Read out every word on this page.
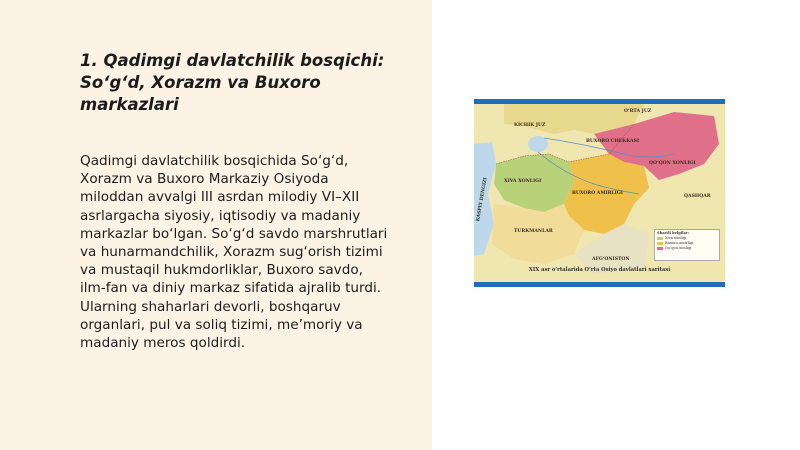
1. Qadimgi davlatchilik bosqichi:
So‘g‘d, Xorazm va Buxoro markazlari
Qadimgi davlatchilik bosqichida So‘g‘d,
Xorazm va Buxoro Markaziy Osiyoda
miloddan avvalgi III asrdan milodiy VI–XII
asrlargacha siyosiy, iqtisodiy va madaniy
markazlar bo‘lgan. So‘g‘d savdo marshrutlari
va hunarmandchilik, Xorazm sug‘orish tizimi
va mustaqil hukmdorliklar, Buxoro savdo,
ilm-fan va diniy markaz sifatida ajralib turdi.
Ularning shaharlari devorli, boshqaruv
organlari, pul va soliq tizimi, me’moriy va
madaniy meros qoldirdi.
O‘RTA JUZ
KICHIK JUZ
BUXORO CHEKKASI
XIVA XONLIGI
BUXORO AMIRLIGI
QO‘QON XONLIGI
KASPIY DENGIZI
TURKMANLAR
AFG‘ONISTON
QASHQAR
Shartli belgilar:
Xiva xonligi
Buxoro amirligi
Qo‘qon xonligi
XIX asr o‘rtalarida O‘rta Osiyo davlatlari xaritasi
